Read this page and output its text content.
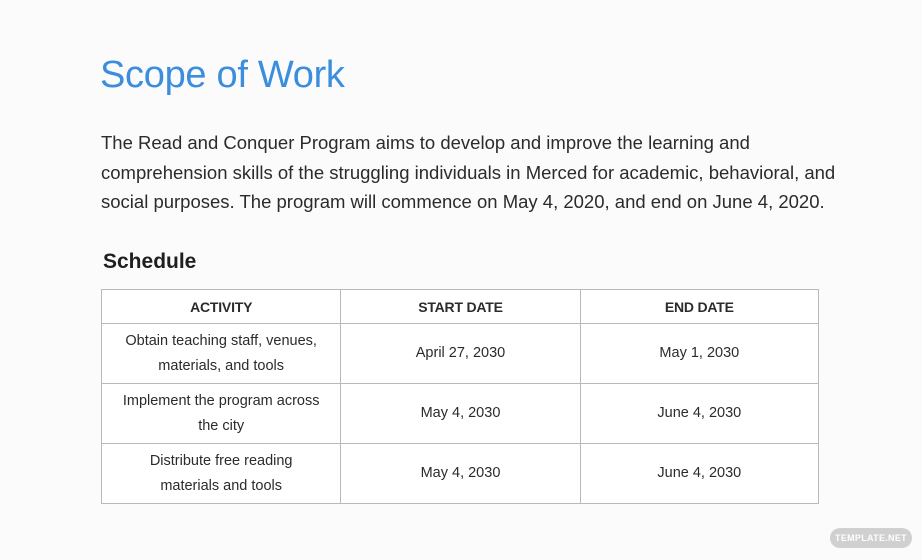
Scope of Work

The Read and Conquer Program aims to develop and improve the learning and comprehension skills of the struggling individuals in Merced for academic, behavioral, and social purposes. The program will commence on May 4, 2020, and end on June 4, 2020.

Schedule
ACTIVITY	START DATE	END DATE
Obtain teaching staff, venues, materials, and tools	April 27, 2030	May 1, 2030
Implement the program across the city	May 4, 2030	June 4, 2030
Distribute free reading materials and tools	May 4, 2030	June 4, 2030
TEMPLATE.NET
